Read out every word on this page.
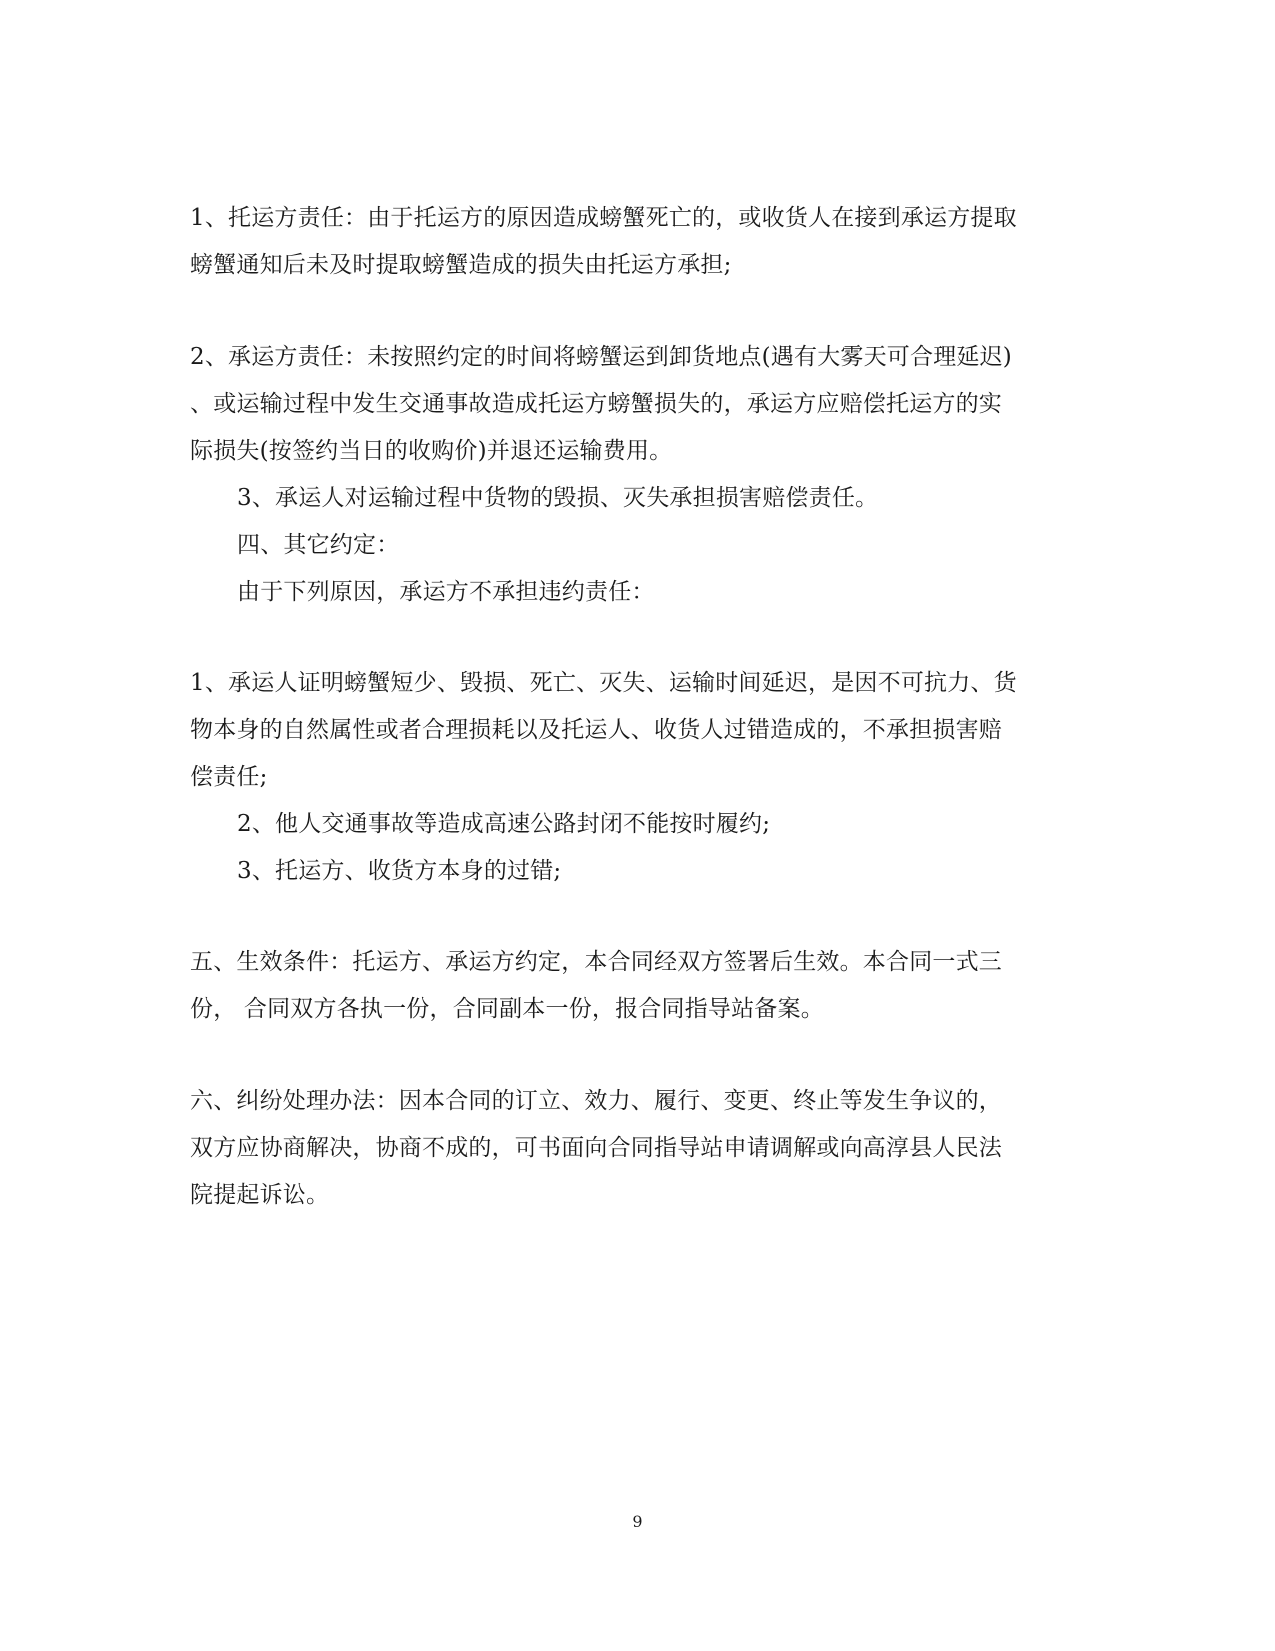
1、托运方责任：由于托运方的原因造成螃蟹死亡的，或收货人在接到承运方提取
螃蟹通知后未及时提取螃蟹造成的损失由托运方承担;
2、承运方责任：未按照约定的时间将螃蟹运到卸货地点(遇有大雾天可合理延迟)
、或运输过程中发生交通事故造成托运方螃蟹损失的，承运方应赔偿托运方的实
际损失(按签约当日的收购价)并退还运输费用。
3、承运人对运输过程中货物的毁损、灭失承担损害赔偿责任。
四、其它约定：
由于下列原因，承运方不承担违约责任：
1、承运人证明螃蟹短少、毁损、死亡、灭失、运输时间延迟，是因不可抗力、货
物本身的自然属性或者合理损耗以及托运人、收货人过错造成的，不承担损害赔
偿责任;
2、他人交通事故等造成高速公路封闭不能按时履约;
3、托运方、收货方本身的过错;
五、生效条件：托运方、承运方约定，本合同经双方签署后生效。本合同一式三
份， 合同双方各执一份，合同副本一份，报合同指导站备案。
六、纠纷处理办法：因本合同的订立、效力、履行、变更、终止等发生争议的，
双方应协商解决，协商不成的，可书面向合同指导站申请调解或向高淳县人民法
院提起诉讼。
9
